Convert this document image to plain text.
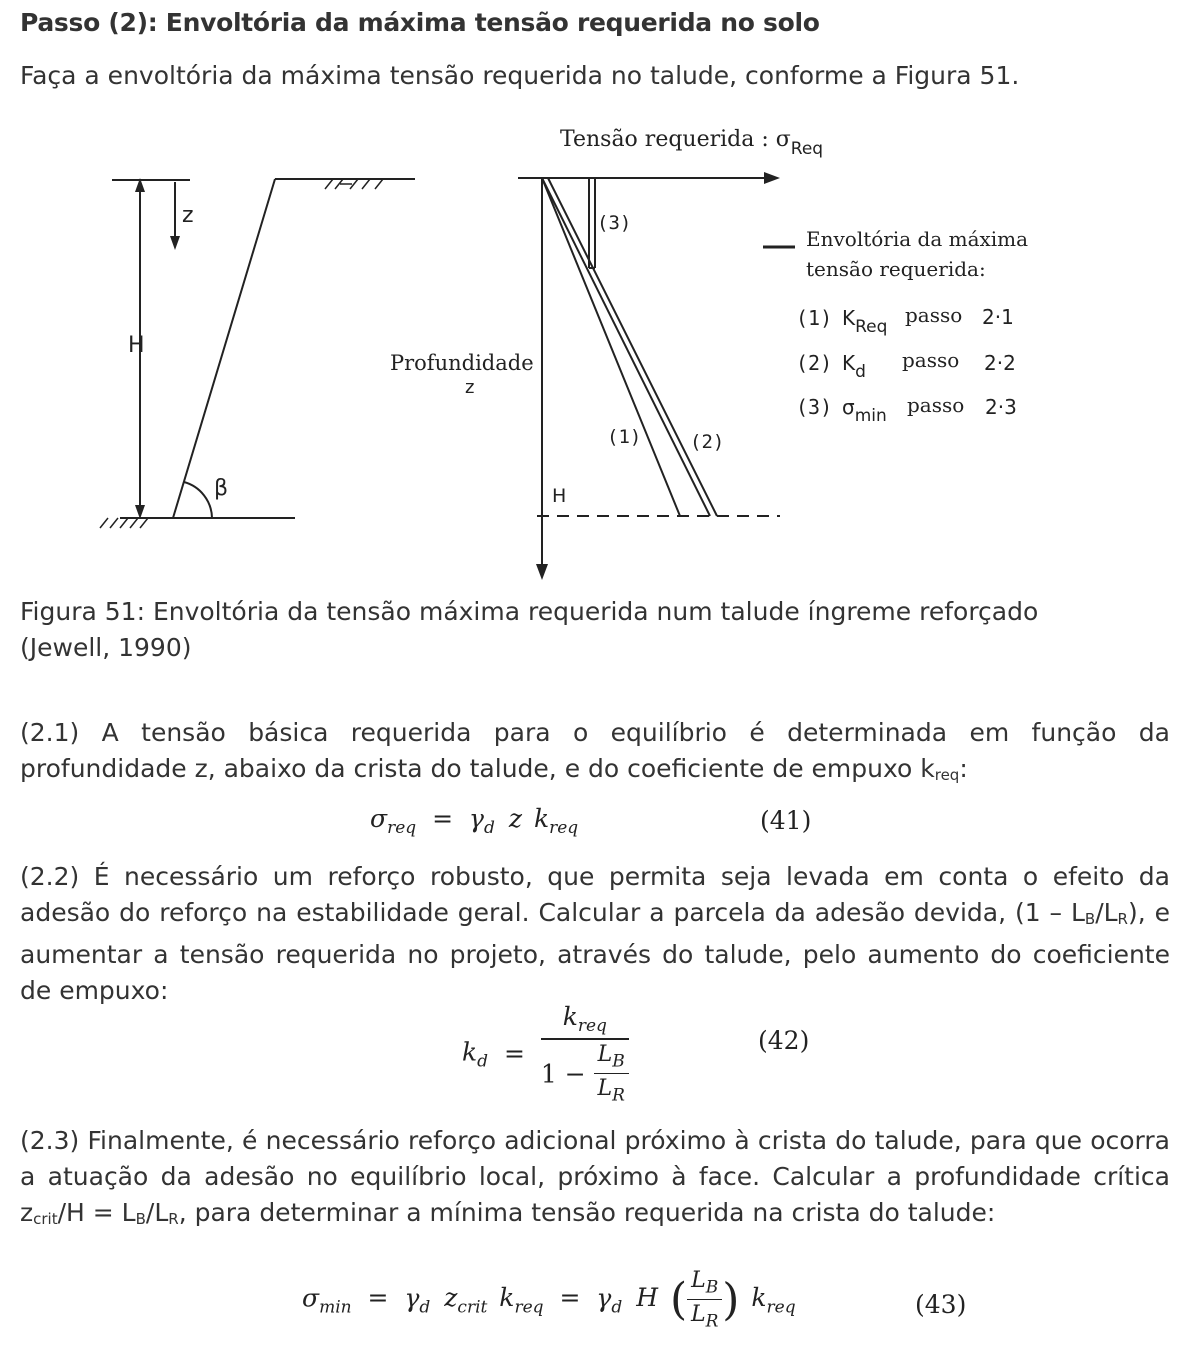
Passo (2): Envoltória da máxima tensão requerida no solo
Faça a envoltória da máxima tensão requerida no talude, conforme a Figura 51.
z
H
β
Tensão requerida : $\sigma_{Req}$
Profundidade
z
H
(1)	(2)
(3)
Envoltória da máxima
tensão requerida:
(1) $K_{Req}$ passo 2·1
(2) $K_d$ passo 2·2
(3) $\sigma_{min}$ passo 2·3
Figura 51: Envoltória da tensão máxima requerida num talude íngreme reforçado
(Jewell, 1990)
(2.1) A tensão básica requerida para o equilíbrio é determinada em função da profundidade z, abaixo da crista do talude, e do coeficiente de empuxo $k_{req}$:
$\sigma_{req} = \gamma_d$ z $k_{req}$	(41)
(2.2) É necessário um reforço robusto, que permita seja levada em conta o efeito da adesão do reforço na estabilidade geral. Calcular a parcela da adesão devida, $(1 - L_B/L_R)$, e aumentar a tensão requerida no projeto, através do talude, pelo aumento do coeficiente de empuxo:
$k_d = \frac{k_{req}}{1 - \frac{L_B}{L_R}}$	(42)
(2.3) Finalmente, é necessário reforço adicional próximo à crista do talude, para que ocorra a atuação da adesão no equilíbrio local, próximo à face. Calcular a profundidade crítica $z_{crit}/H = L_B/L_R$, para determinar a mínima tensão requerida na crista do talude:
$\sigma_{min} = \gamma_d$ $z_{crit}$ $k_{req} = \gamma_d$ H ( $\frac{L_B}{L_R}$ ) $k_{req}$	(43)
